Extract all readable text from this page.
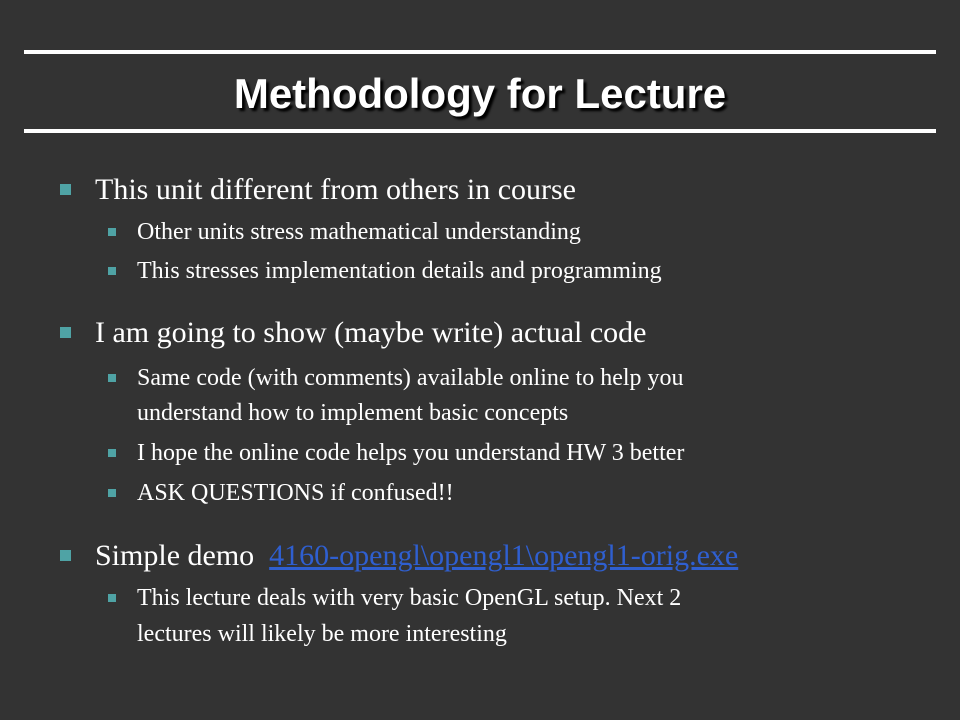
Methodology for Lecture
This unit different from others in course
Other units stress mathematical understanding
This stresses implementation details and programming
I am going to show (maybe write) actual code
Same code (with comments) available online to help you
understand how to implement basic concepts
I hope the online code helps you understand HW 3 better
ASK QUESTIONS if confused!!
Simple demo 4160-opengl\opengl1\opengl1-orig.exe
This lecture deals with very basic OpenGL setup. Next 2
lectures will likely be more interesting
